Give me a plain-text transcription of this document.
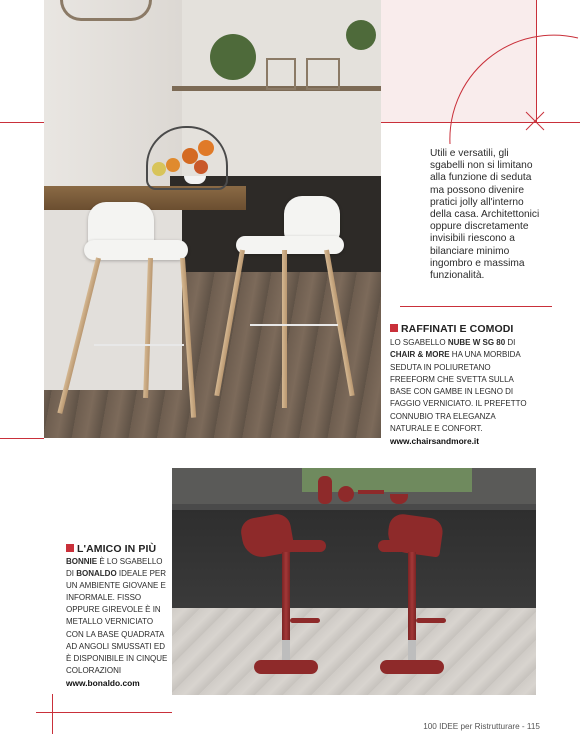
Utili e versatili, gli sgabelli non si limitano alla funzione di seduta ma possono divenire pratici jolly all'interno della casa. Architettonici oppure discretamente invisibili riescono a bilanciare minimo ingombro e massima funzionalità.

RAFFINATI E COMODI

LO SGABELLO NUBE W SG 80 DI CHAIR & MORE HA UNA MORBIDA SEDUTA IN POLIURETANO FREEFORM CHE SVETTA SULLA BASE CON GAMBE IN LEGNO DI FAGGIO VERNICIATO. IL PREFETTO CONNUBIO TRA ELEGANZA NATURALE E CONFORT.
www.chairsandmore.it

L'AMICO IN PIÙ

BONNIE È LO SGABELLO DI BONALDO IDEALE PER UN AMBIENTE GIOVANE E INFORMALE. FISSO OPPURE GIREVOLE È IN METALLO VERNICIATO CON LA BASE QUADRATA AD ANGOLI SMUSSATI ED È DISPONIBILE IN CINQUE COLORAZIONI
www.bonaldo.com

100 IDEE per Ristrutturare - 115
